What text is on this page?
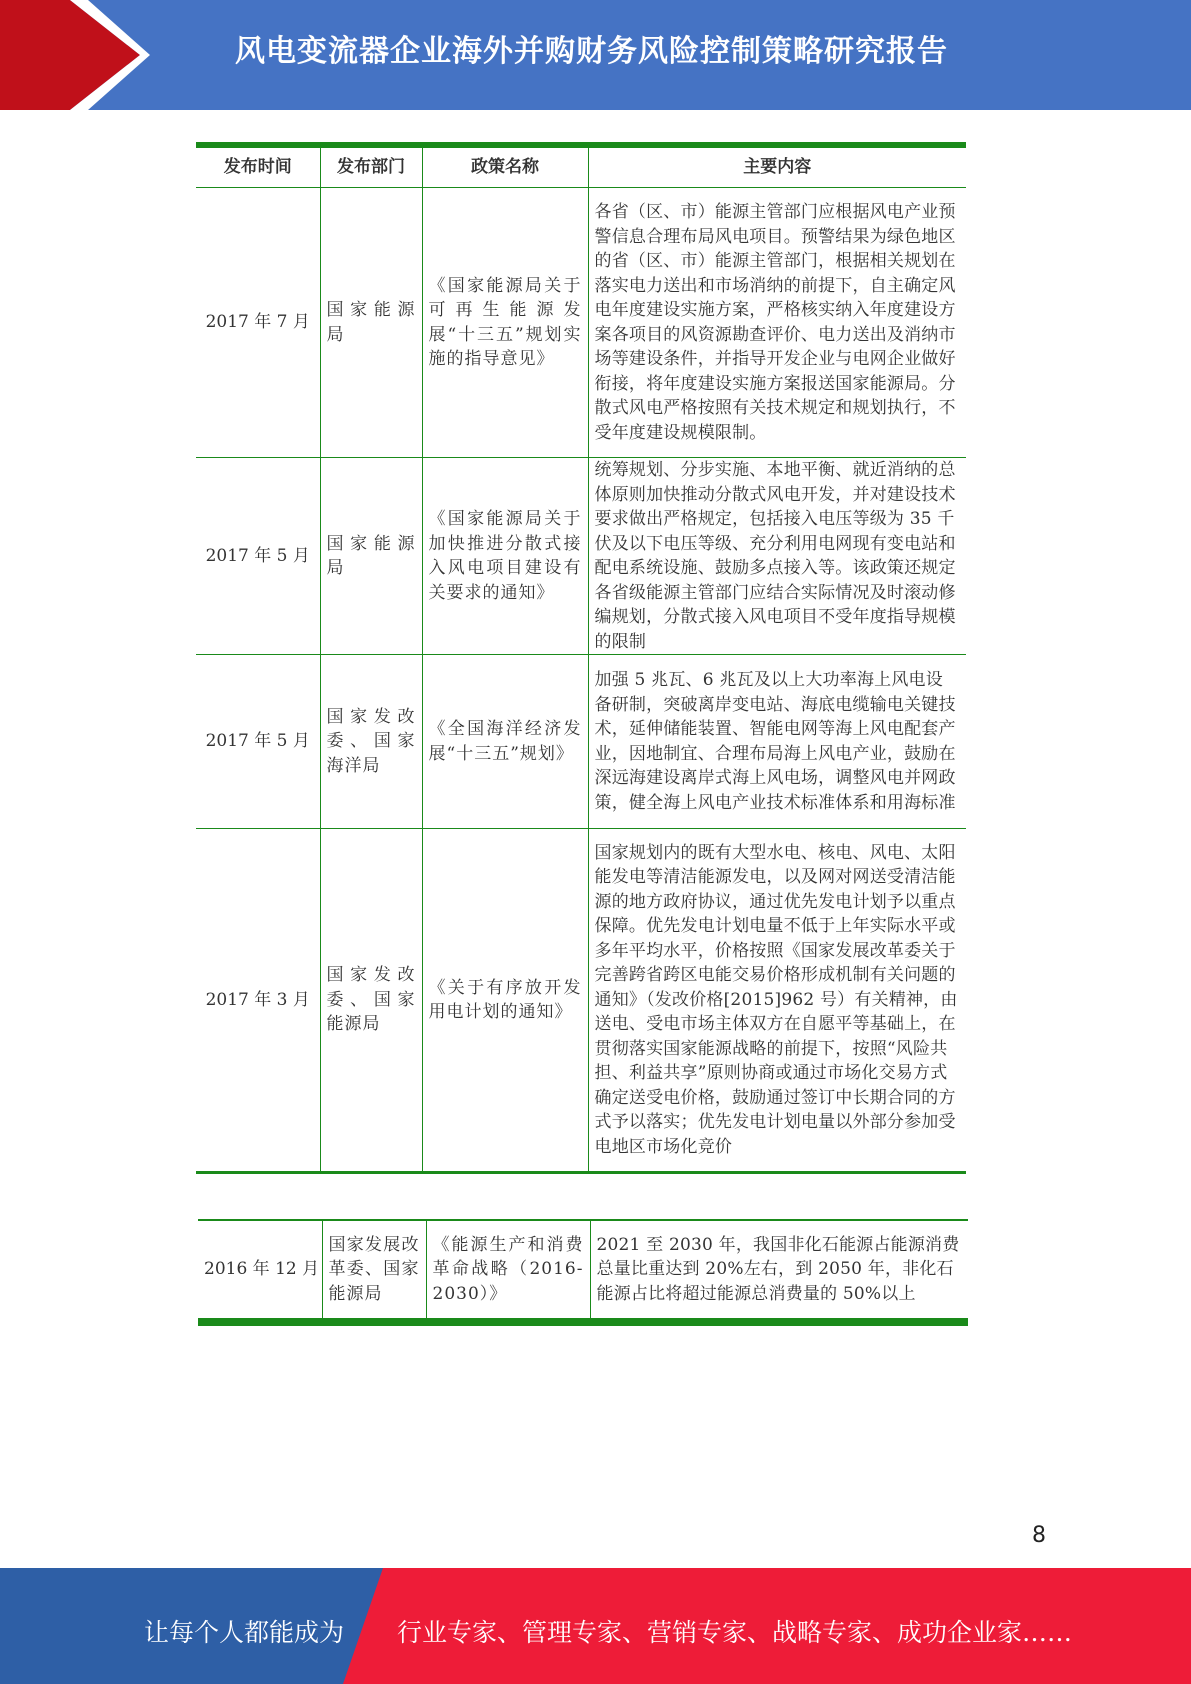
风电变流器企业海外并购财务风险控制策略研究报告
发布时间	发布部门	政策名称	主要内容
2017 年 7 月	国家能源局	《国家能源局关于可再生能源发展“十三五”规划实施的指导意见》	各省（区、市）能源主管部门应根据风电产业预警信息合理布局风电项目。预警结果为绿色地区的省（区、市）能源主管部门，根据相关规划在落实电力送出和市场消纳的前提下，自主确定风电年度建设实施方案，严格核实纳入年度建设方案各项目的风资源勘查评价、电力送出及消纳市场等建设条件，并指导开发企业与电网企业做好衔接，将年度建设实施方案报送国家能源局。分散式风电严格按照有关技术规定和规划执行，不受年度建设规模限制。
2017 年 5 月	国家能源局	《国家能源局关于加快推进分散式接入风电项目建设有关要求的通知》	统筹规划、分步实施、本地平衡、就近消纳的总体原则加快推动分散式风电开发，并对建设技术要求做出严格规定，包括接入电压等级为 35 千伏及以下电压等级、充分利用电网现有变电站和配电系统设施、鼓励多点接入等。该政策还规定各省级能源主管部门应结合实际情况及时滚动修编规划，分散式接入风电项目不受年度指导规模的限制
2017 年 5 月	国家发改委、国家海洋局	《全国海洋经济发展“十三五”规划》	加强 5 兆瓦、6 兆瓦及以上大功率海上风电设备研制，突破离岸变电站、海底电缆输电关键技术，延伸储能装置、智能电网等海上风电配套产业，因地制宜、合理布局海上风电产业，鼓励在深远海建设离岸式海上风电场，调整风电并网政策，健全海上风电产业技术标准体系和用海标准
2017 年 3 月	国家发改委、国家能源局	《关于有序放开发用电计划的通知》	国家规划内的既有大型水电、核电、风电、太阳能发电等清洁能源发电，以及网对网送受清洁能源的地方政府协议，通过优先发电计划予以重点保障。优先发电计划电量不低于上年实际水平或多年平均水平，价格按照《国家发展改革委关于完善跨省跨区电能交易价格形成机制有关问题的通知》（发改价格[2015]962 号）有关精神，由送电、受电市场主体双方在自愿平等基础上，在贯彻落实国家能源战略的前提下，按照“风险共担、利益共享”原则协商或通过市场化交易方式确定送受电价格，鼓励通过签订中长期合同的方式予以落实；优先发电计划电量以外部分参加受电地区市场化竞价
2016 年 12 月	国家发展改革委、国家能源局	《能源生产和消费革命战略（2016-2030）》	2021 至 2030 年，我国非化石能源占能源消费总量比重达到 20%左右，到 2050 年，非化石能源占比将超过能源总消费量的 50%以上
8
让每个人都能成为 行业专家、管理专家、营销专家、战略专家、成功企业家……
